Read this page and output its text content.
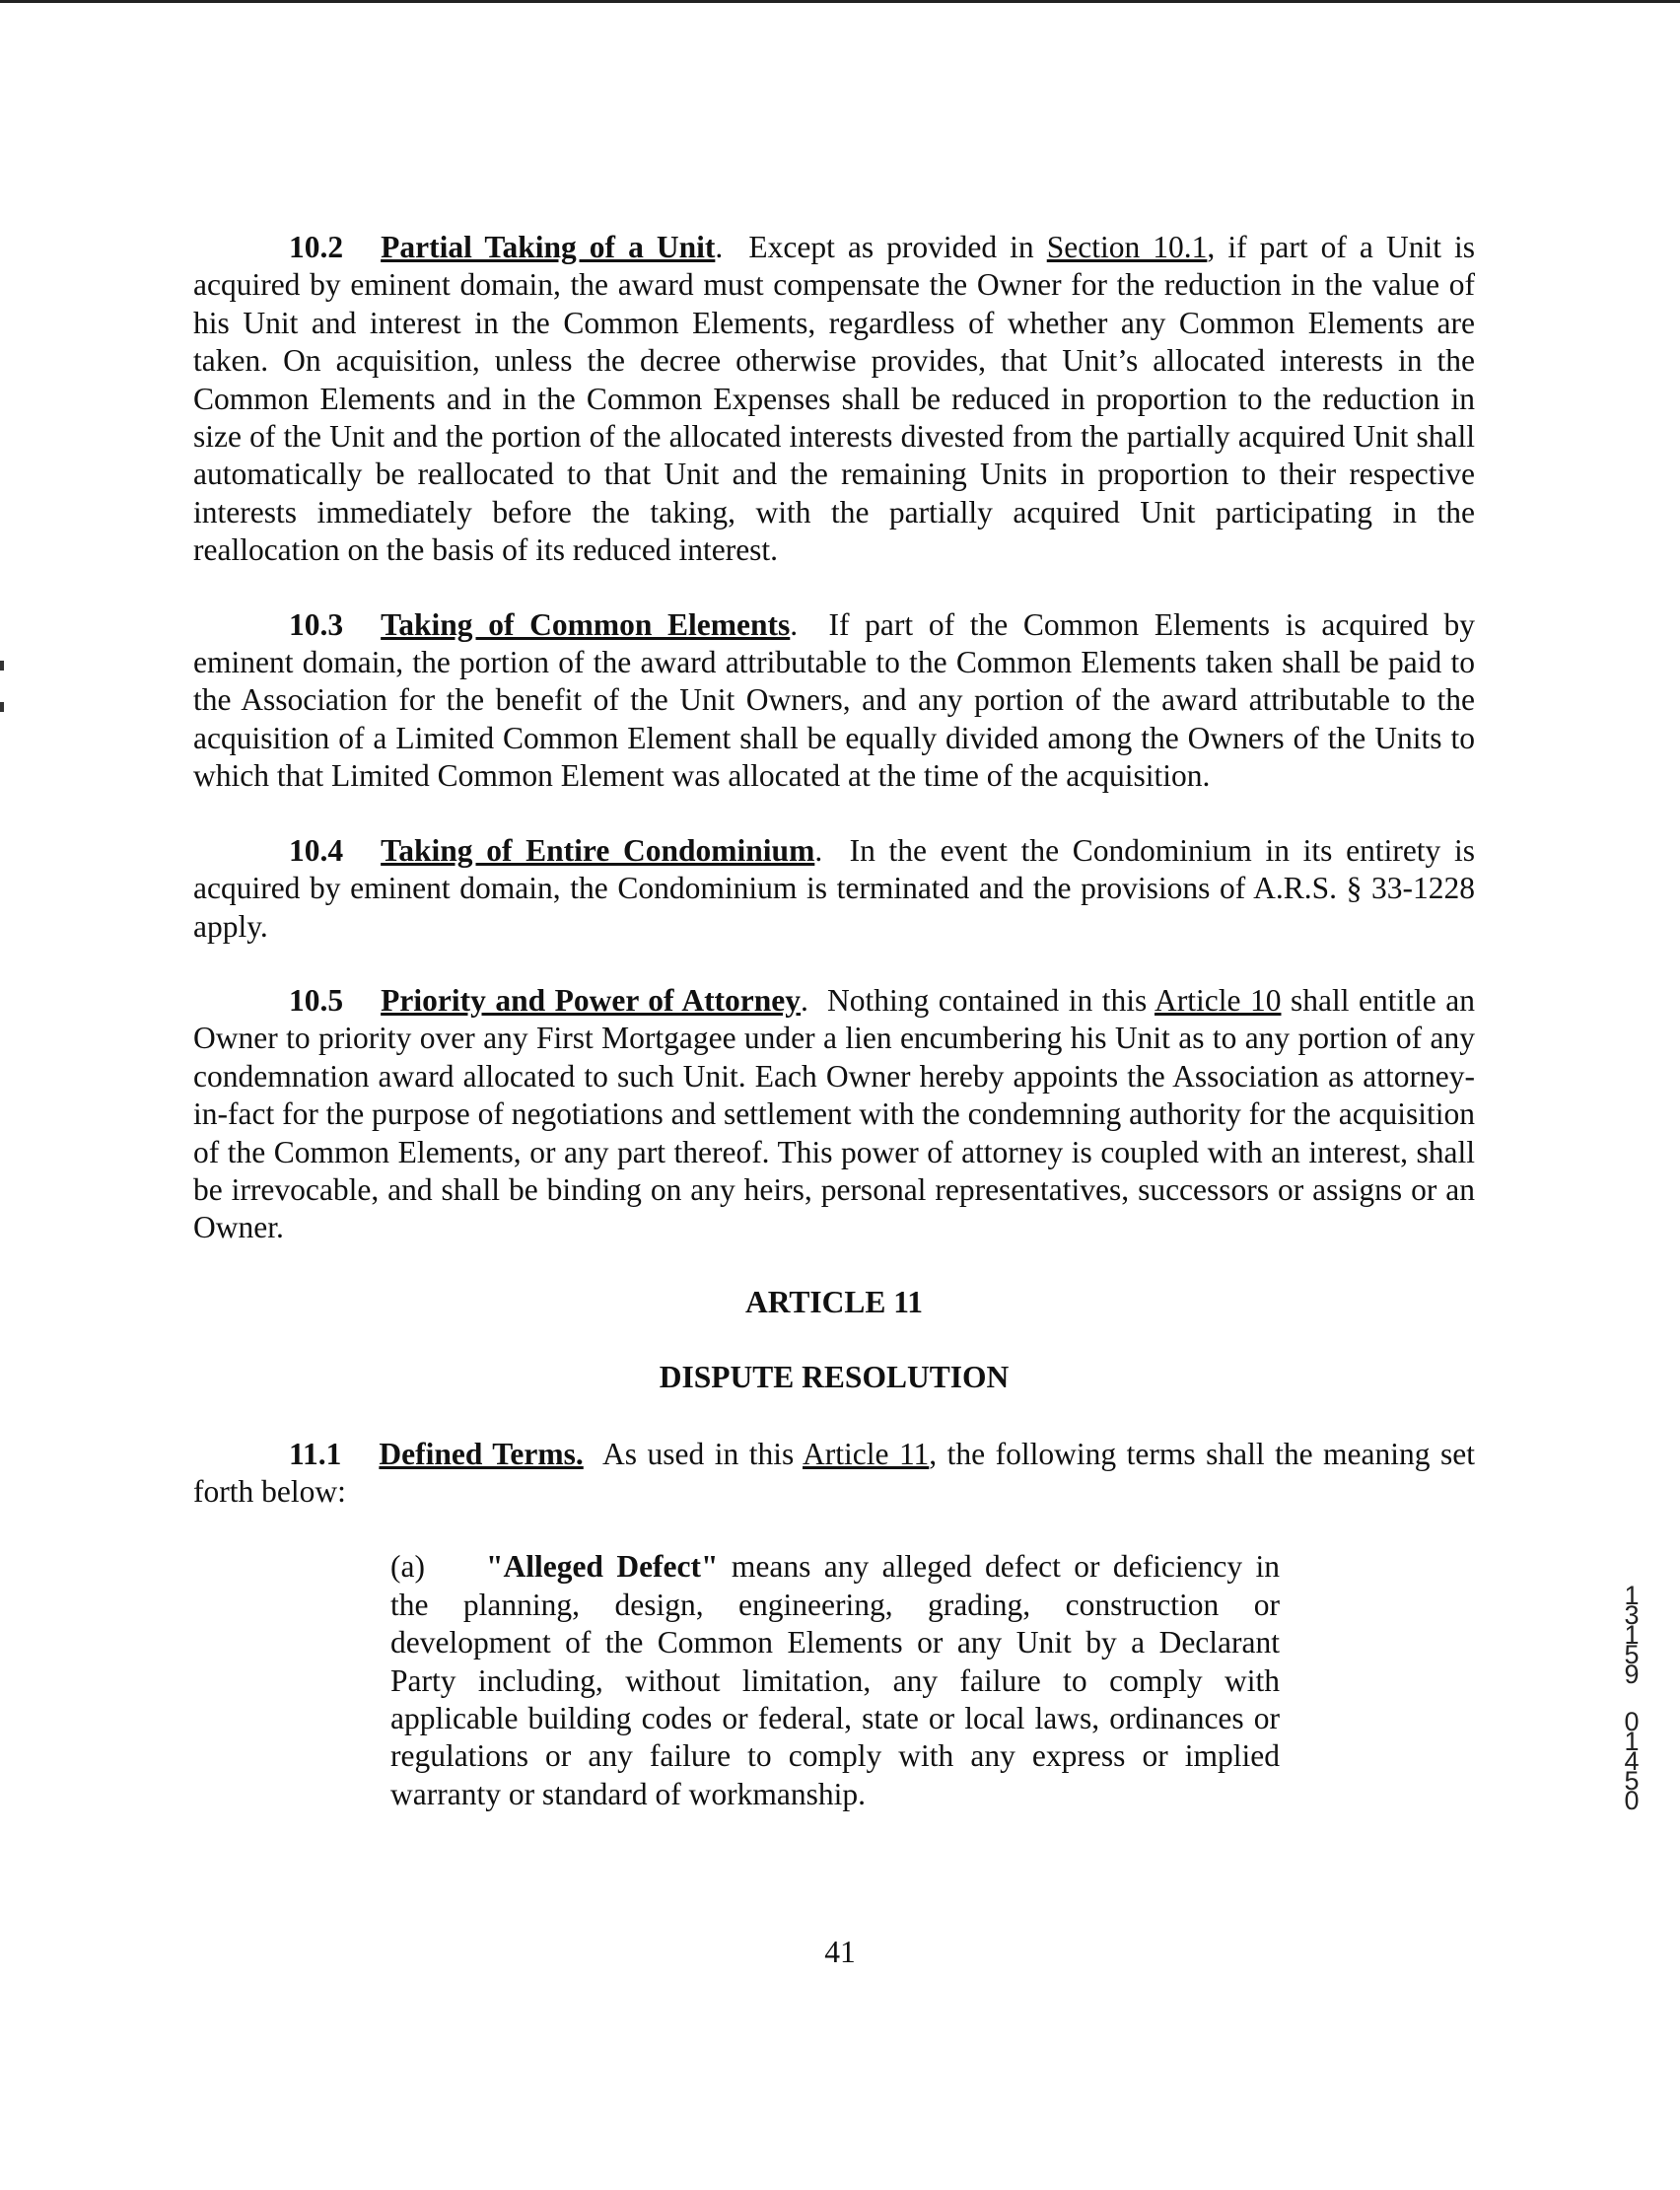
10.2 Partial Taking of a Unit.  Except as provided in Section 10.1, if part of a Unit is acquired by eminent domain, the award must compensate the Owner for the reduction in the value of his Unit and interest in the Common Elements, regardless of whether any Common Elements are taken. On acquisition, unless the decree otherwise provides, that Unit’s allocated interests in the Common Elements and in the Common Expenses shall be reduced in proportion to the reduction in size of the Unit and the portion of the allocated interests divested from the partially acquired Unit shall automatically be reallocated to that Unit and the remaining Units in proportion to their respective interests immediately before the taking, with the partially acquired Unit participating in the reallocation on the basis of its reduced interest.

10.3 Taking of Common Elements.  If part of the Common Elements is acquired by eminent domain, the portion of the award attributable to the Common Elements taken shall be paid to the Association for the benefit of the Unit Owners, and any portion of the award attributable to the acquisition of a Limited Common Element shall be equally divided among the Owners of the Units to which that Limited Common Element was allocated at the time of the acquisition.

10.4 Taking of Entire Condominium.  In the event the Condominium in its entirety is acquired by eminent domain, the Condominium is terminated and the provisions of A.R.S. § 33-1228 apply.

10.5 Priority and Power of Attorney.  Nothing contained in this Article 10 shall entitle an Owner to priority over any First Mortgagee under a lien encumbering his Unit as to any portion of any condemnation award allocated to such Unit. Each Owner hereby appoints the Association as attorney-in-fact for the purpose of negotiations and settlement with the condemning authority for the acquisition of the Common Elements, or any part thereof. This power of attorney is coupled with an interest, shall be irrevocable, and shall be binding on any heirs, personal representatives, successors or assigns or an Owner.

ARTICLE 11

DISPUTE RESOLUTION

11.1 Defined Terms. As used in this Article 11, the following terms shall the meaning set forth below:

(a) "Alleged Defect" means any alleged defect or deficiency in the planning, design, engineering, grading, construction or development of the Common Elements or any Unit by a Declarant Party including, without limitation, any failure to comply with applicable building codes or federal, state or local laws, ordinances or regulations or any failure to comply with any express or implied warranty or standard of workmanship.

41
13159
01450
